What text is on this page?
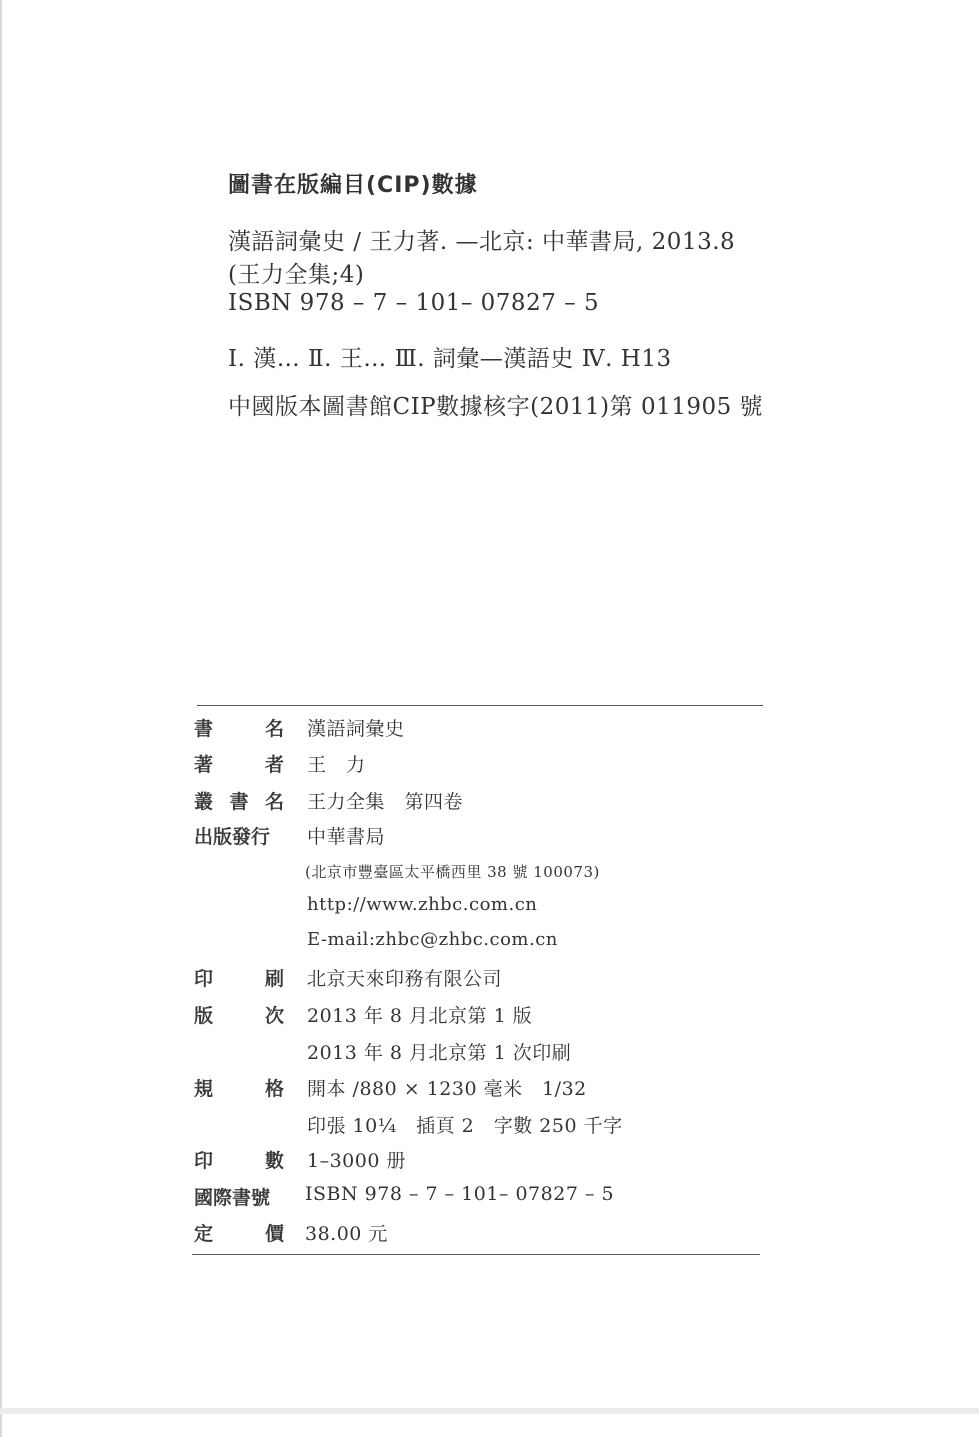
圖書在版編目(CIP)數據
漢語詞彙史 / 王力著. —北京: 中華書局, 2013.8
(王力全集;4)
ISBN 978 – 7 – 101– 07827 – 5
Ⅰ. 漢… Ⅱ. 王… Ⅲ. 詞彙—漢語史 Ⅳ. H13
中國版本圖書館CIP數據核字(2011)第 011905 號
書	名 漢語詞彙史
著	者 王　力
叢 書 名 王力全集　第四卷
出版發行 中華書局
(北京市豐臺區太平橋西里 38 號 100073)
http://www.zhbc.com.cn
E-mail:zhbc@zhbc.com.cn
印	刷 北京天來印務有限公司
版	次 2013 年 8 月北京第 1 版
2013 年 8 月北京第 1 次印刷
規	格 開本 /880 × 1230 毫米　1/32
印張 10¼　插頁 2　字數 250 千字
印	數 1–3000 册
國際書號 ISBN 978 – 7 – 101– 07827 – 5
定	價 38.00 元
